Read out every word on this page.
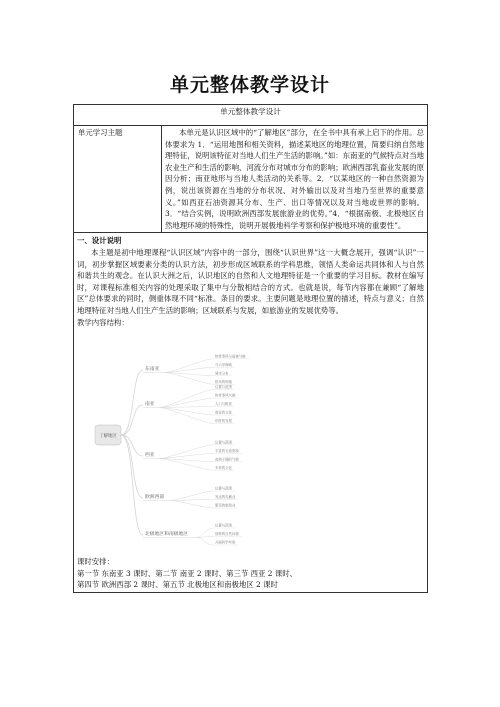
单元整体教学设计
单元整体教学设计
单元学习主题	本单元是认识区域中的“了解地区”部分，在全书中具有承上启下的作用。总体要求为 1．“运用地图和相关资料，描述某地区的地理位置，简要归纳自然地理特征，说明该特征对当地人们生产生活的影响。”如：东南亚的气候特点对当地农业生产和生活的影响、河流分布对城市分布的影响；欧洲西部乳畜业发展的原因分析；南亚地形与当地人类活动的关系等。2．“以某地区的一种自然资源为例，说出该资源在当地的分布状况、对外输出以及对当地乃至世界的重要意义。”如西亚石油资源其分布、生产、出口等情况以及对当地或世界的影响。3．“结合实例，说明欧洲西部发展旅游业的优势。”4．“根据南极、北极地区自然地理环境的特殊性，说明开展极地科学考察和保护极地环境的重要性”。

一、设计说明
本主题是初中地理课程“认识区域”内容中的一部分，围绕“认识世界”这一大概念展开，强调“认识”一词，初步掌握区域要素分类的认识方法，初步形成区域联系的学科思维，领悟人类命运共同体和人与自然和谐共生的观念。在认识大洲之后，认识地区的自然和人文地理特征是一个重要的学习目标。教材在编写时，对课程标准相关内容的处理采取了集中与分散相结合的方式。也就是说，每节内容都在兼顾“了解地区”总体要求的同时，侧重体现不同“标准。条目的要求。主要问题是地理位置的描述，特点与意义；自然地理特征对当地人们生产生活的影响；区域联系与发展，如旅游业的发展优势等。
教学内容结构：
了解地区
东南亚
热带季风与雨林气候
马六甲海峡
城市分布
稻米的种植
南亚
位置与范围
热带季风气候
人口与粮食
南亚的文化
印度的发展
西亚
位置与范围
丰富的石油资源
炎热干燥的气候
多样的文化
欧洲西部
位置与范围
发达的乳畜业
繁荣的旅游业
北极地区和南极地区
位置与范围
独特的自然环境
开展科学考察
课时安排：
第一节 东南亚 3 课时、第二节 南亚 2 课时、第三节 西亚 2 课时、
第四节 欧洲西部 2 课时、第五节 北极地区和南极地区 2 课时
